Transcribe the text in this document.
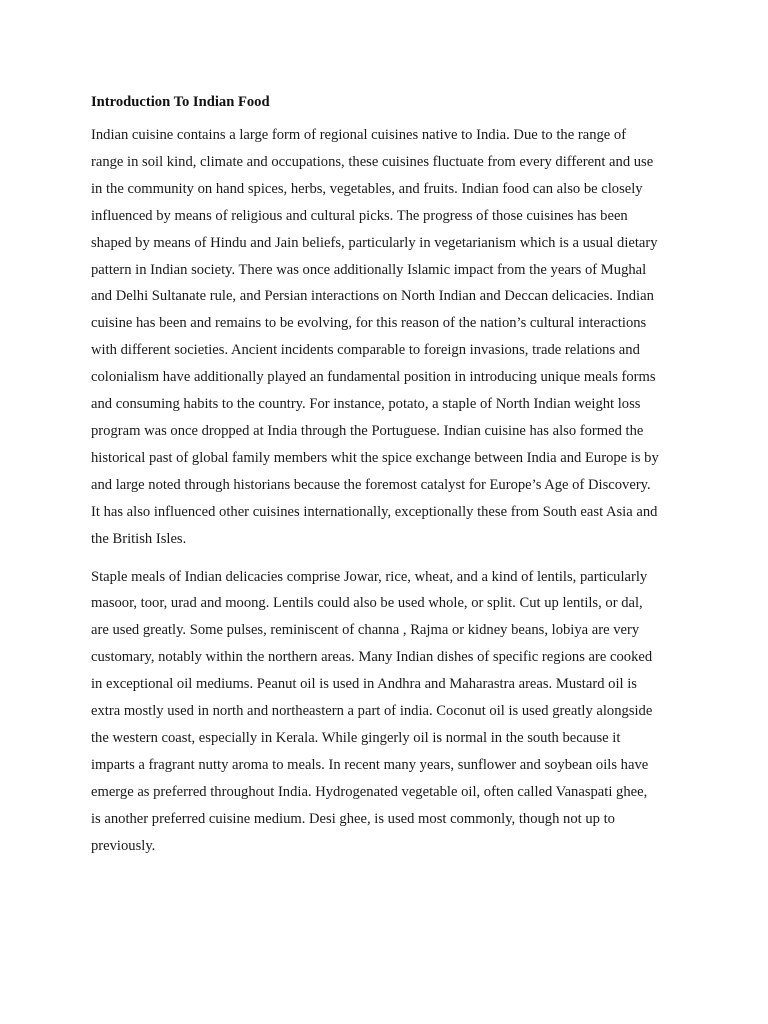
Introduction To Indian Food

Indian cuisine contains a large form of regional cuisines native to India. Due to the range of
range in soil kind, climate and occupations, these cuisines fluctuate from every different and use
in the community on hand spices, herbs, vegetables, and fruits. Indian food can also be closely
influenced by means of religious and cultural picks. The progress of those cuisines has been
shaped by means of Hindu and Jain beliefs, particularly in vegetarianism which is a usual dietary
pattern in Indian society. There was once additionally Islamic impact from the years of Mughal
and Delhi Sultanate rule, and Persian interactions on North Indian and Deccan delicacies. Indian
cuisine has been and remains to be evolving, for this reason of the nation’s cultural interactions
with different societies. Ancient incidents comparable to foreign invasions, trade relations and
colonialism have additionally played an fundamental position in introducing unique meals forms
and consuming habits to the country. For instance, potato, a staple of North Indian weight loss
program was once dropped at India through the Portuguese. Indian cuisine has also formed the
historical past of global family members whit the spice exchange between India and Europe is by
and large noted through historians because the foremost catalyst for Europe’s Age of Discovery.
It has also influenced other cuisines internationally, exceptionally these from South east Asia and
the British Isles.

Staple meals of Indian delicacies comprise Jowar, rice, wheat, and a kind of lentils, particularly
masoor, toor, urad and moong. Lentils could also be used whole, or split. Cut up lentils, or dal,
are used greatly. Some pulses, reminiscent of channa , Rajma or kidney beans, lobiya are very
customary, notably within the northern areas. Many Indian dishes of specific regions are cooked
in exceptional oil mediums. Peanut oil is used in Andhra and Maharastra areas. Mustard oil is
extra mostly used in north and northeastern a part of india. Coconut oil is used greatly alongside
the western coast, especially in Kerala. While gingerly oil is normal in the south because it
imparts a fragrant nutty aroma to meals. In recent many years, sunflower and soybean oils have
emerge as preferred throughout India. Hydrogenated vegetable oil, often called Vanaspati ghee,
is another preferred cuisine medium. Desi ghee, is used most commonly, though not up to
previously.
